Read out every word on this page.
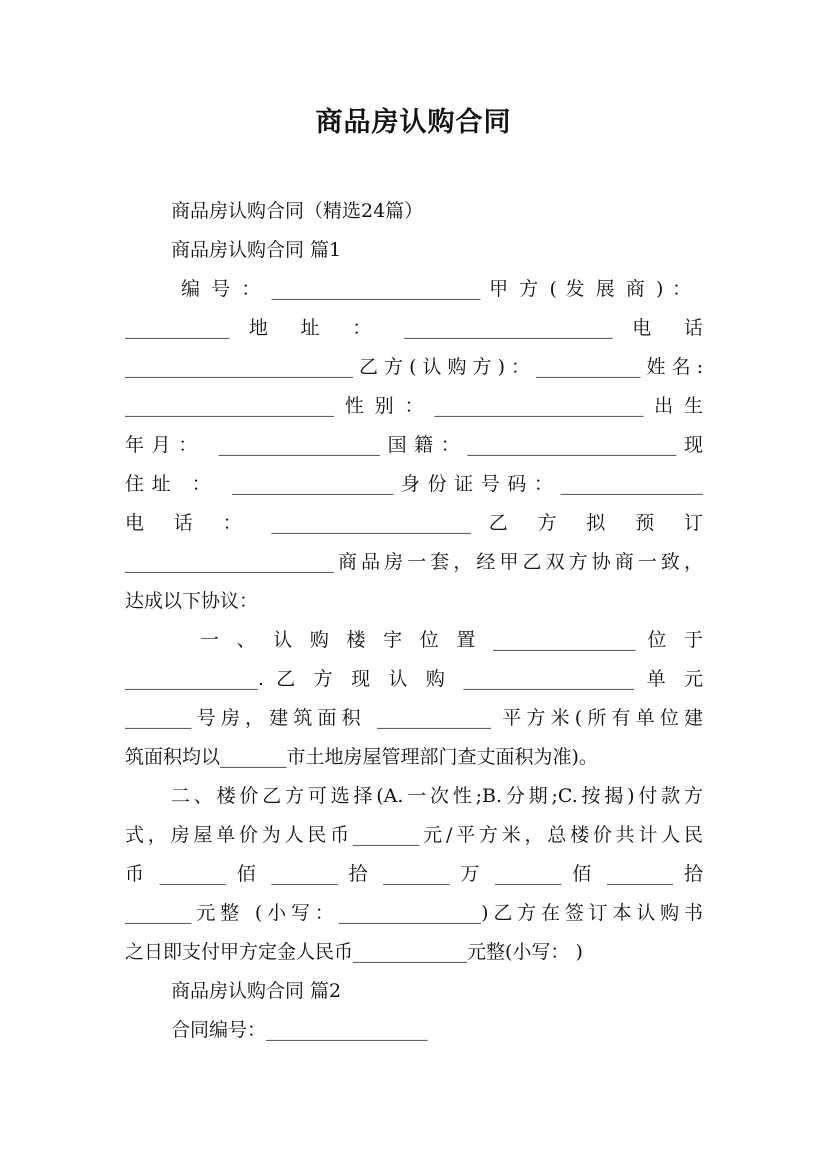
商品房认购合同
商品房认购合同（精选24篇）
商品房认购合同 篇1
编 号 ： ______________________ 甲 方 ( 发 展 商 ) ：
___________ 地 址 ： ______________________ 电 话
________________________乙方(认购方)：___________姓名:
______________________性别：______________________出生
年月： _________________国籍：______________________现
住址 ： _________________身份证号码：_______________
电 话 ： _____________________ 乙 方 拟 预 订
______________________商品房一套，经甲乙双方协商一致，
达成以下协议：
一 、 认 购 楼 宇 位 置 _______________ 位 于
______________. 乙 方 现 认 购 __________________ 单 元
_______号房，建筑面积 ____________ 平方米(所有单位建
筑面积均以_______市土地房屋管理部门查丈面积为准)。
二、楼价乙方可选择(A.一次性;B.分期;C.按揭)付款方
式，房屋单价为人民币_______元/平方米，总楼价共计人民
币 _______ 佰 _______ 拾 _______ 万 _______ 佰 _______ 拾
_______元整 (小写：_______________)乙方在签订本认购书
之日即支付甲方定金人民币____________元整(小写： )
商品房认购合同 篇2
合同编号：_________________
